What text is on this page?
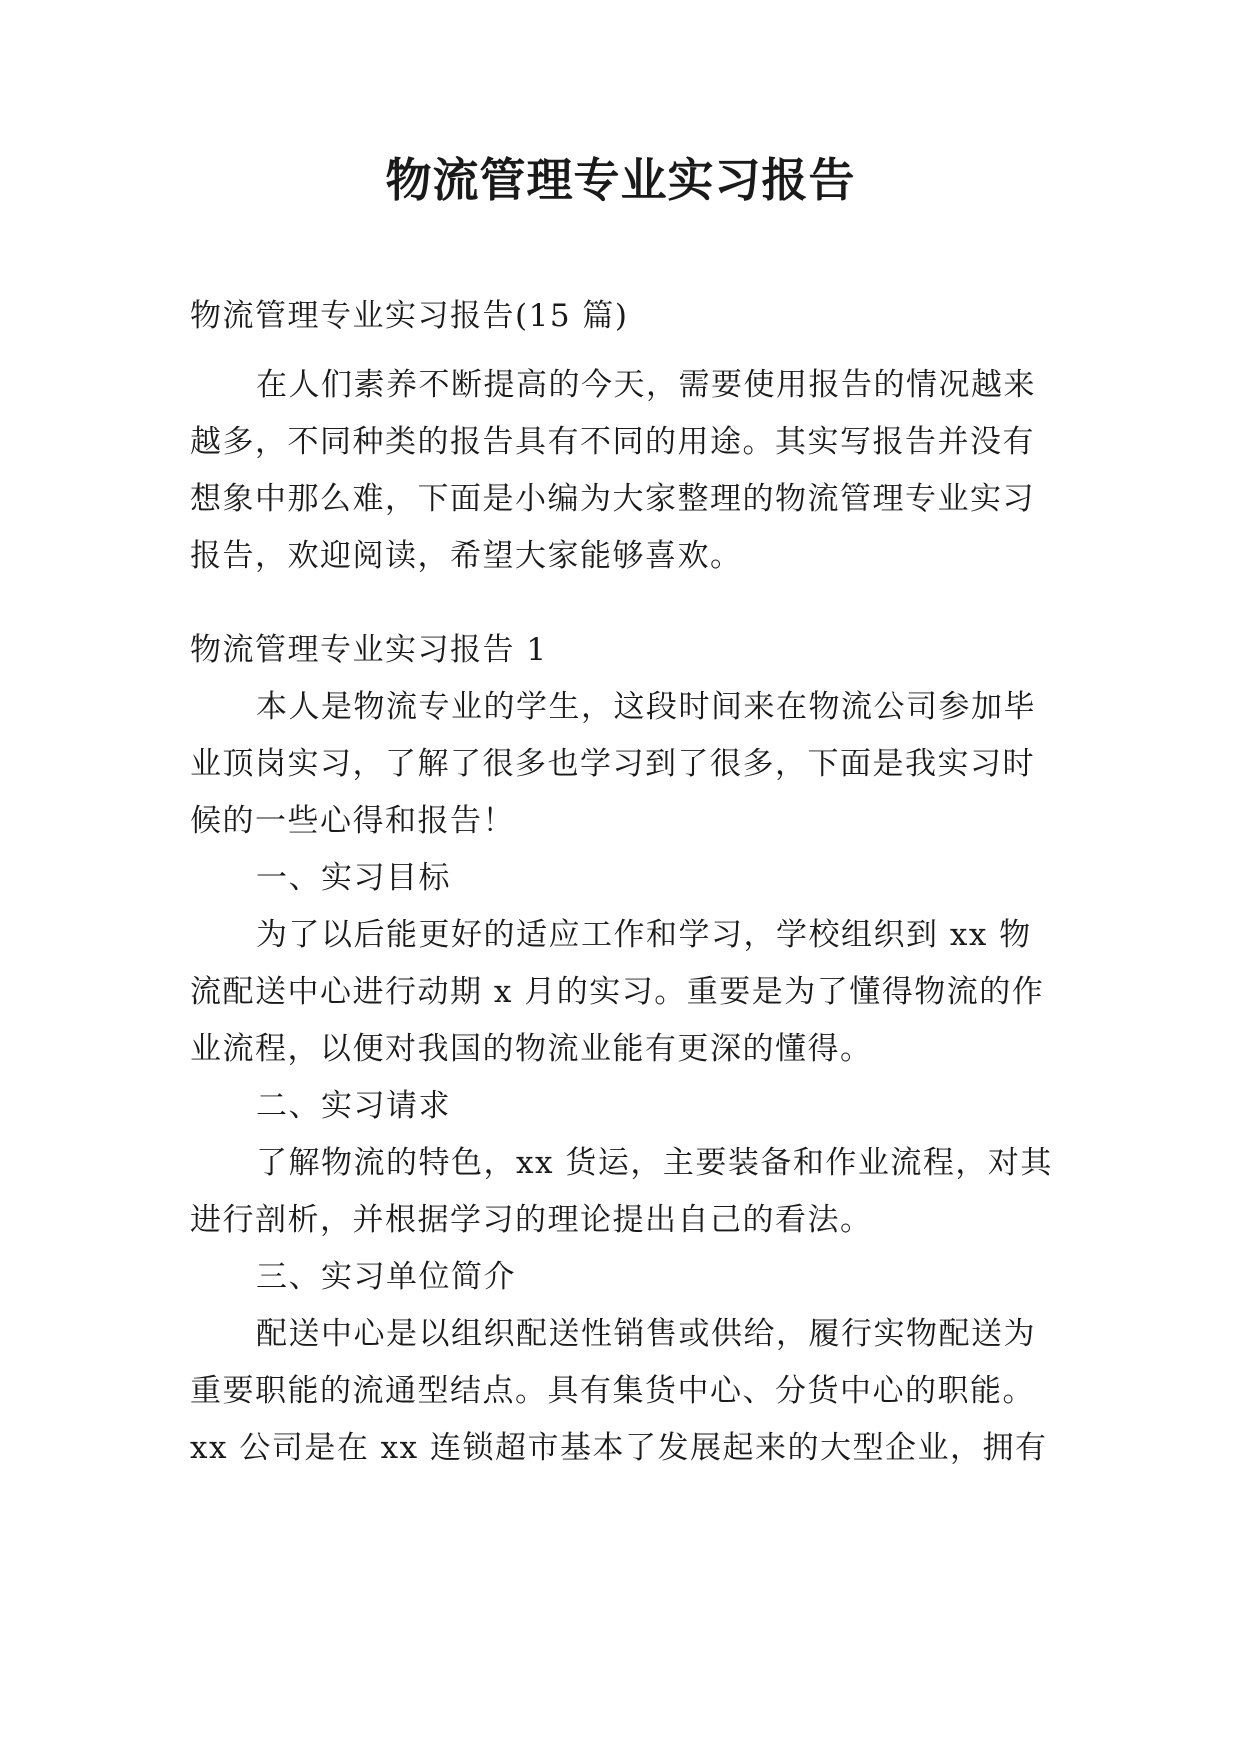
物流管理专业实习报告
物流管理专业实习报告(15 篇)
在人们素养不断提高的今天，需要使用报告的情况越来
越多，不同种类的报告具有不同的用途。其实写报告并没有
想象中那么难，下面是小编为大家整理的物流管理专业实习
报告，欢迎阅读，希望大家能够喜欢。
物流管理专业实习报告 1
本人是物流专业的学生，这段时间来在物流公司参加毕
业顶岗实习，了解了很多也学习到了很多，下面是我实习时
候的一些心得和报告！
一、实习目标
为了以后能更好的适应工作和学习，学校组织到 xx 物
流配送中心进行动期 x 月的实习。重要是为了懂得物流的作
业流程，以便对我国的物流业能有更深的懂得。
二、实习请求
了解物流的特色，xx 货运，主要装备和作业流程，对其
进行剖析，并根据学习的理论提出自己的看法。
三、实习单位简介
配送中心是以组织配送性销售或供给，履行实物配送为
重要职能的流通型结点。具有集货中心、分货中心的职能。
xx 公司是在 xx 连锁超市基本了发展起来的大型企业，拥有
